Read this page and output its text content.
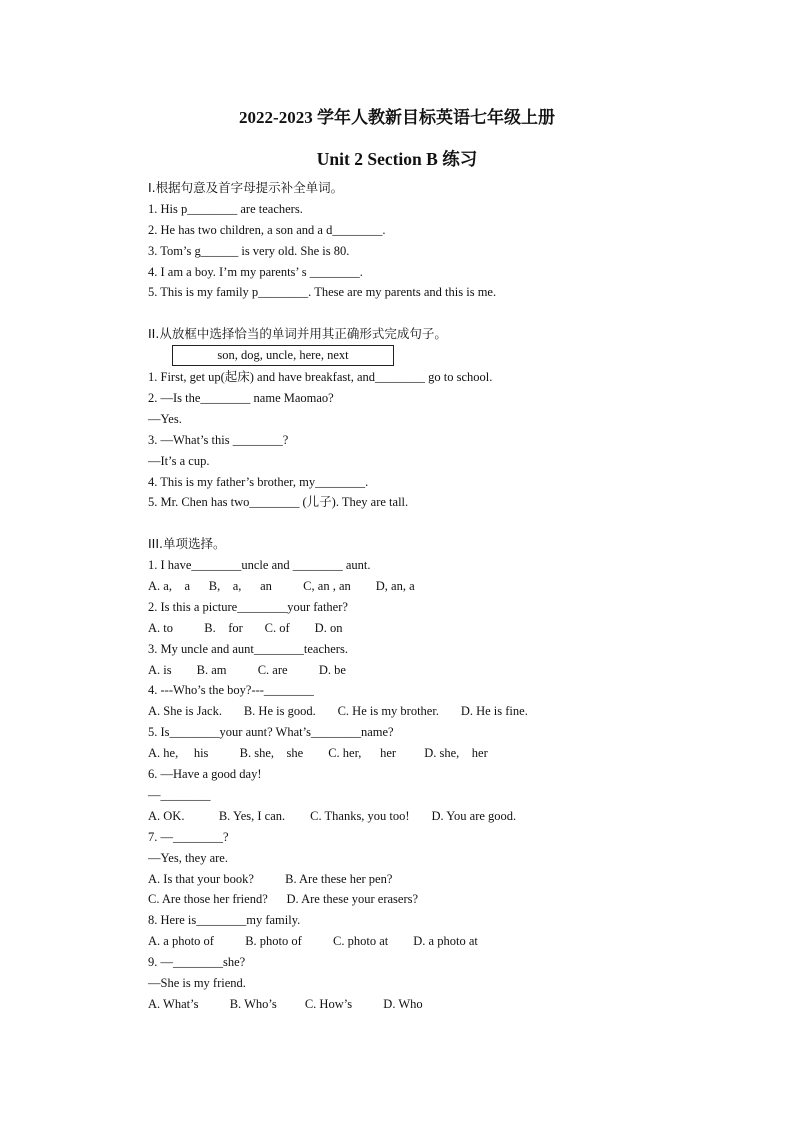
2022-2023 学年人教新目标英语七年级上册
Unit 2 Section B 练习
I.根据句意及首字母提示补全单词。
1. His p________ are teachers.
2. He has two children, a son and a d________.
3. Tom’s g______ is very old. She is 80.
4. I am a boy. I’m my parents’ s ________.
5. This is my family p________. These are my parents and this is me.
II.从放框中选择恰当的单词并用其正确形式完成句子。
son, dog, uncle, here, next
1. First, get up(起床) and have breakfast, and________ go to school.
2. —Is the________ name Maomao?
—Yes.
3. —What’s this ________?
—It’s a cup.
4. This is my father’s brother, my________.
5. Mr. Chen has two________ (儿子). They are tall.
III.单项选择。
1. I have________uncle and ________ aunt.
A. a,    a      B,    a,      an          C, an , an        D, an, a
2. Is this a picture________your father?
A. to          B.    for       C. of        D. on
3. My uncle and aunt________teachers.
A. is        B. am          C. are          D. be
4. ---Who’s the boy?---________
A. She is Jack.       B. He is good.       C. He is my brother.       D. He is fine.
5. Is________your aunt? What’s________name?
A. he,     his          B. she,    she        C. her,      her         D. she,    her
6. —Have a good day!
—________
A. OK.           B. Yes, I can.        C. Thanks, you too!       D. You are good.
7. —________?
—Yes, they are.
A. Is that your book?          B. Are these her pen?
C. Are those her friend?      D. Are these your erasers?
8. Here is________my family.
A. a photo of          B. photo of          C. photo at        D. a photo at
9. —________she?
—She is my friend.
A. What’s          B. Who’s         C. How’s          D. Who
